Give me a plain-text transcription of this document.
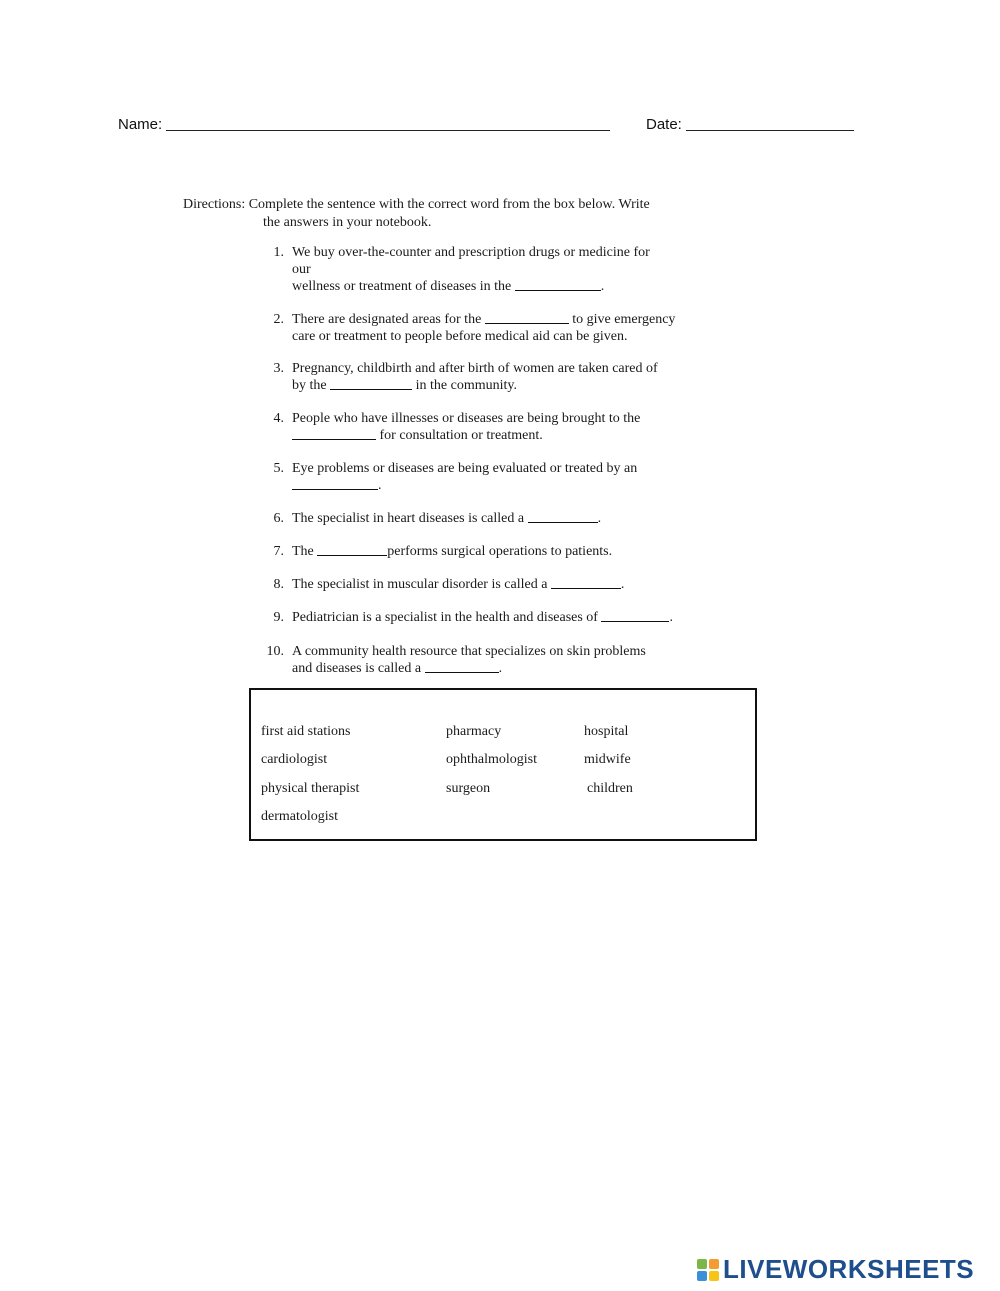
Name:	Date:
Directions: Complete the sentence with the correct word from the box below. Write
the answers in your notebook.
1. We buy over-the-counter and prescription drugs or medicine for
our
wellness or treatment of diseases in the	.
2. There are designated areas for the	to give emergency
care or treatment to people before medical aid can be given.
3. Pregnancy, childbirth and after birth of women are taken cared of
by the	in the community.
4. People who have illnesses or diseases are being brought to the
for consultation or treatment.
5. Eye problems or diseases are being evaluated or treated by an
.
6. The specialist in heart diseases is called a	.
7. The	performs surgical operations to patients.
8. The specialist in muscular disorder is called a	.
9. Pediatrician is a specialist in the health and diseases of	.
10. A community health resource that specializes on skin problems
and diseases is called a	.
first aid stations	pharmacy	hospital
cardiologist	ophthalmologist	midwife
physical therapist	surgeon	children
dermatologist
LIVEWORKSHEETS
